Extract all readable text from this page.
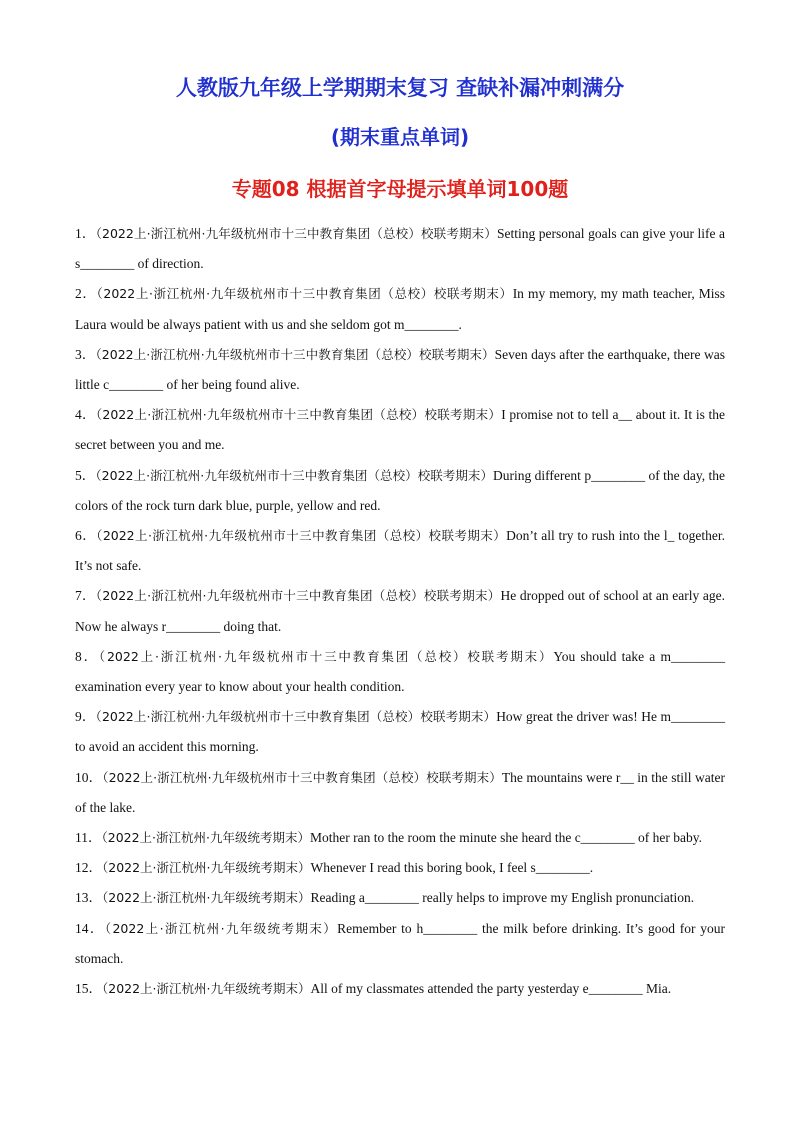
人教版九年级上学期期末复习 查缺补漏冲刺满分
(期末重点单词)
专题08 根据首字母提示填单词100题
1．（2022上·浙江杭州·九年级杭州市十三中教育集团（总校）校联考期末）Setting personal goals can give your life a s________ of direction.
2．（2022上·浙江杭州·九年级杭州市十三中教育集团（总校）校联考期末）In my memory, my math teacher, Miss Laura would be always patient with us and she seldom got m________.
3．（2022上·浙江杭州·九年级杭州市十三中教育集团（总校）校联考期末）Seven days after the earthquake, there was little c________ of her being found alive.
4．（2022上·浙江杭州·九年级杭州市十三中教育集团（总校）校联考期末）I promise not to tell a__ about it. It is the secret between you and me.
5．（2022上·浙江杭州·九年级杭州市十三中教育集团（总校）校联考期末）During different p________ of the day, the colors of the rock turn dark blue, purple, yellow and red.
6．（2022上·浙江杭州·九年级杭州市十三中教育集团（总校）校联考期末）Don’t all try to rush into the l_ together. It’s not safe.
7．（2022上·浙江杭州·九年级杭州市十三中教育集团（总校）校联考期末）He dropped out of school at an early age. Now he always r________ doing that.
8．（2022上·浙江杭州·九年级杭州市十三中教育集团（总校）校联考期末）You should take a m________ examination every year to know about your health condition.
9．（2022上·浙江杭州·九年级杭州市十三中教育集团（总校）校联考期末）How great the driver was! He m________ to avoid an accident this morning.
10．（2022上·浙江杭州·九年级杭州市十三中教育集团（总校）校联考期末）The mountains were r__ in the still water of the lake.
11．（2022上·浙江杭州·九年级统考期末）Mother ran to the room the minute she heard the c________ of her baby.
12．（2022上·浙江杭州·九年级统考期末）Whenever I read this boring book, I feel s________.
13．（2022上·浙江杭州·九年级统考期末）Reading a________ really helps to improve my English pronunciation.
14．（2022上·浙江杭州·九年级统考期末）Remember to h________ the milk before drinking. It’s good for your stomach.
15．（2022上·浙江杭州·九年级统考期末）All of my classmates attended the party yesterday e________ Mia.
